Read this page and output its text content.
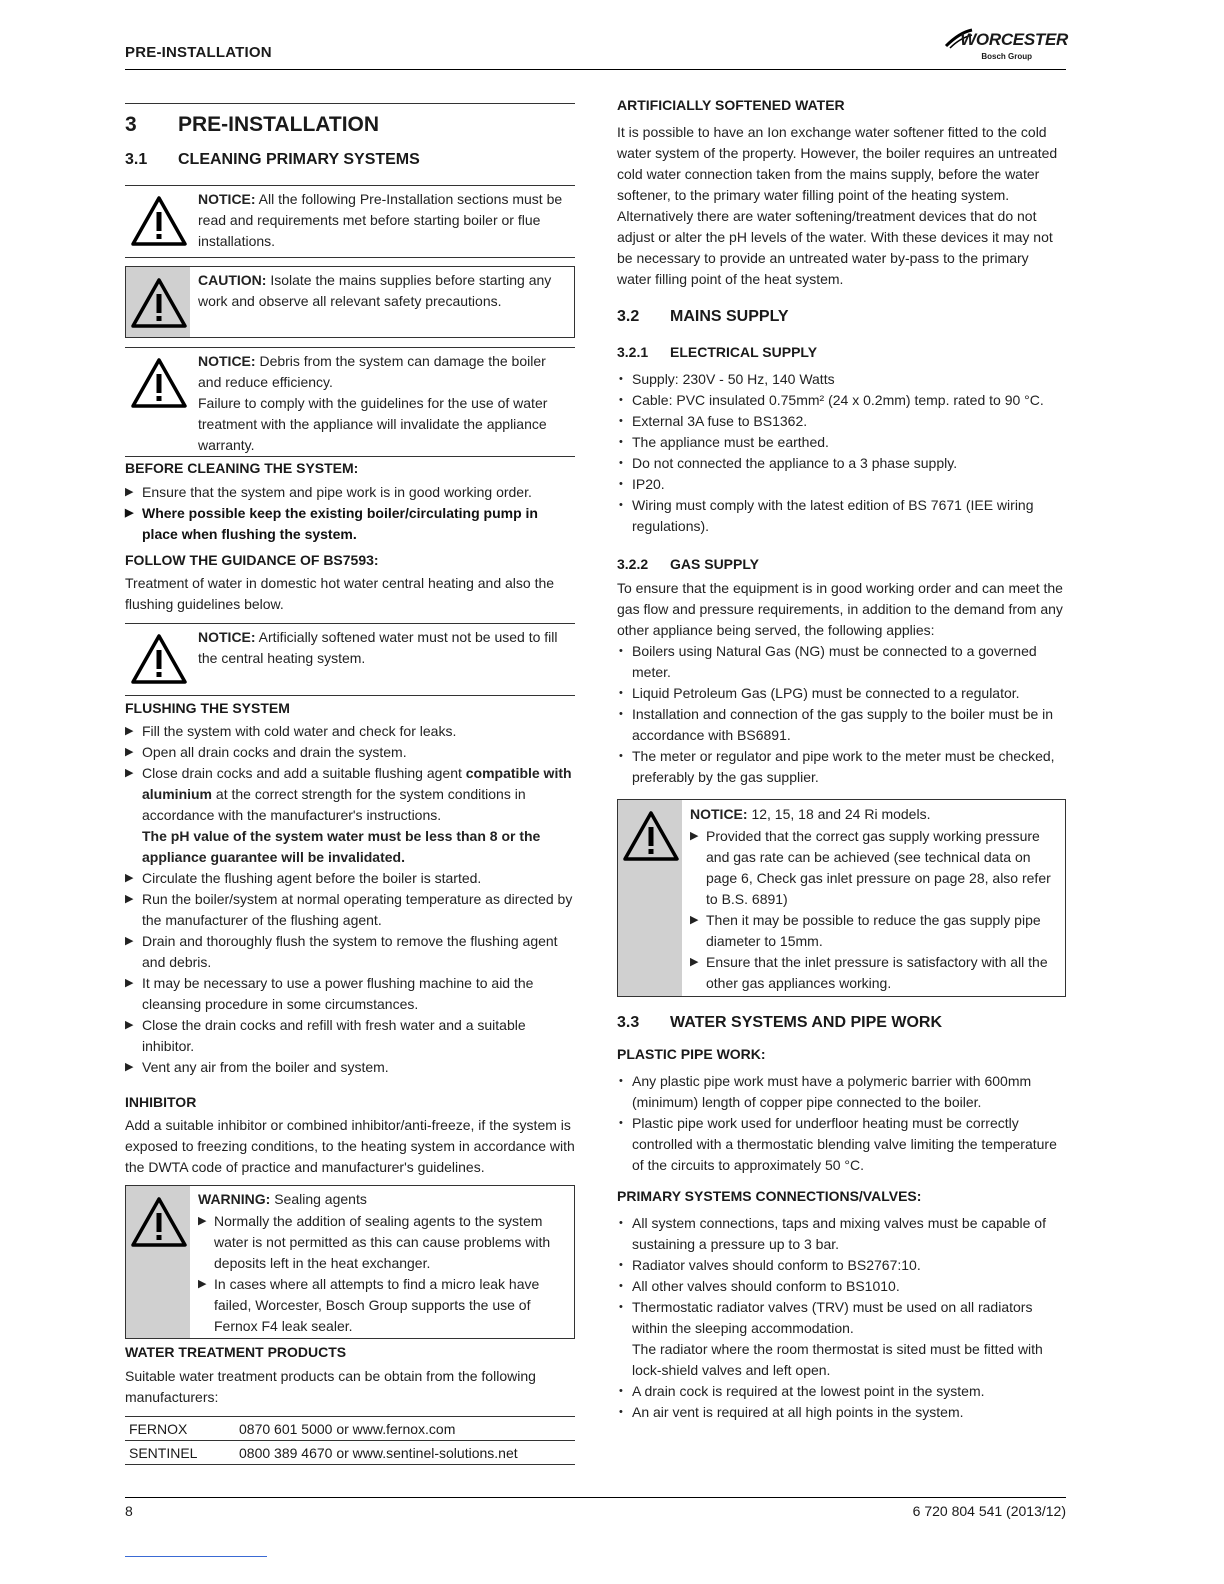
PRE-INSTALLATION
WORCESTER
Bosch Group
3 PRE-INSTALLATION
3.1 CLEANING PRIMARY SYSTEMS
NOTICE: All the following Pre-Installation sections must be read and requirements met before starting boiler or flue installations.
CAUTION: Isolate the mains supplies before starting any work and observe all relevant safety precautions.
NOTICE: Debris from the system can damage the boiler and reduce efficiency.
Failure to comply with the guidelines for the use of water treatment with the appliance will invalidate the appliance warranty.
BEFORE CLEANING THE SYSTEM:
▶ Ensure that the system and pipe work is in good working order.
▶ Where possible keep the existing boiler/circulating pump in place when flushing the system.
FOLLOW THE GUIDANCE OF BS7593:
Treatment of water in domestic hot water central heating and also the flushing guidelines below.
NOTICE: Artificially softened water must not be used to fill the central heating system.
FLUSHING THE SYSTEM
▶ Fill the system with cold water and check for leaks.
▶ Open all drain cocks and drain the system.
▶ Close drain cocks and add a suitable flushing agent compatible with aluminium at the correct strength for the system conditions in accordance with the manufacturer's instructions.
The pH value of the system water must be less than 8 or the appliance guarantee will be invalidated.
▶ Circulate the flushing agent before the boiler is started.
▶ Run the boiler/system at normal operating temperature as directed by the manufacturer of the flushing agent.
▶ Drain and thoroughly flush the system to remove the flushing agent and debris.
▶ It may be necessary to use a power flushing machine to aid the cleansing procedure in some circumstances.
▶ Close the drain cocks and refill with fresh water and a suitable inhibitor.
▶ Vent any air from the boiler and system.
INHIBITOR
Add a suitable inhibitor or combined inhibitor/anti-freeze, if the system is exposed to freezing conditions, to the heating system in accordance with the DWTA code of practice and manufacturer's guidelines.
WARNING: Sealing agents
▶ Normally the addition of sealing agents to the system water is not permitted as this can cause problems with deposits left in the heat exchanger.
▶ In cases where all attempts to find a micro leak have failed, Worcester, Bosch Group supports the use of Fernox F4 leak sealer.
WATER TREATMENT PRODUCTS
Suitable water treatment products can be obtain from the following manufacturers:
FERNOX	0870 601 5000 or www.fernox.com
SENTINEL	0800 389 4670 or www.sentinel-solutions.net
ARTIFICIALLY SOFTENED WATER
It is possible to have an Ion exchange water softener fitted to the cold water system of the property. However, the boiler requires an untreated cold water connection taken from the mains supply, before the water softener, to the primary water filling point of the heating system. Alternatively there are water softening/treatment devices that do not adjust or alter the pH levels of the water. With these devices it may not be necessary to provide an untreated water by-pass to the primary water filling point of the heat system.
3.2 MAINS SUPPLY
3.2.1 ELECTRICAL SUPPLY
• Supply: 230V - 50 Hz, 140 Watts
• Cable: PVC insulated 0.75mm² (24 x 0.2mm) temp. rated to 90 °C.
• External 3A fuse to BS1362.
• The appliance must be earthed.
• Do not connected the appliance to a 3 phase supply.
• IP20.
• Wiring must comply with the latest edition of BS 7671 (IEE wiring regulations).
3.2.2 GAS SUPPLY
To ensure that the equipment is in good working order and can meet the gas flow and pressure requirements, in addition to the demand from any other appliance being served, the following applies:
• Boilers using Natural Gas (NG) must be connected to a governed meter.
• Liquid Petroleum Gas (LPG) must be connected to a regulator.
• Installation and connection of the gas supply to the boiler must be in accordance with BS6891.
• The meter or regulator and pipe work to the meter must be checked, preferably by the gas supplier.
NOTICE: 12, 15, 18 and 24 Ri models.
▶ Provided that the correct gas supply working pressure and gas rate can be achieved (see technical data on page 6, Check gas inlet pressure on page 28, also refer to B.S. 6891)
▶ Then it may be possible to reduce the gas supply pipe diameter to 15mm.
▶ Ensure that the inlet pressure is satisfactory with all the other gas appliances working.
3.3 WATER SYSTEMS AND PIPE WORK
PLASTIC PIPE WORK:
• Any plastic pipe work must have a polymeric barrier with 600mm (minimum) length of copper pipe connected to the boiler.
• Plastic pipe work used for underfloor heating must be correctly controlled with a thermostatic blending valve limiting the temperature of the circuits to approximately 50 °C.
PRIMARY SYSTEMS CONNECTIONS/VALVES:
• All system connections, taps and mixing valves must be capable of sustaining a pressure up to 3 bar.
• Radiator valves should conform to BS2767:10.
• All other valves should conform to BS1010.
• Thermostatic radiator valves (TRV) must be used on all radiators within the sleeping accommodation.
The radiator where the room thermostat is sited must be fitted with lock-shield valves and left open.
• A drain cock is required at the lowest point in the system.
• An air vent is required at all high points in the system.
8	6 720 804 541 (2013/12)
